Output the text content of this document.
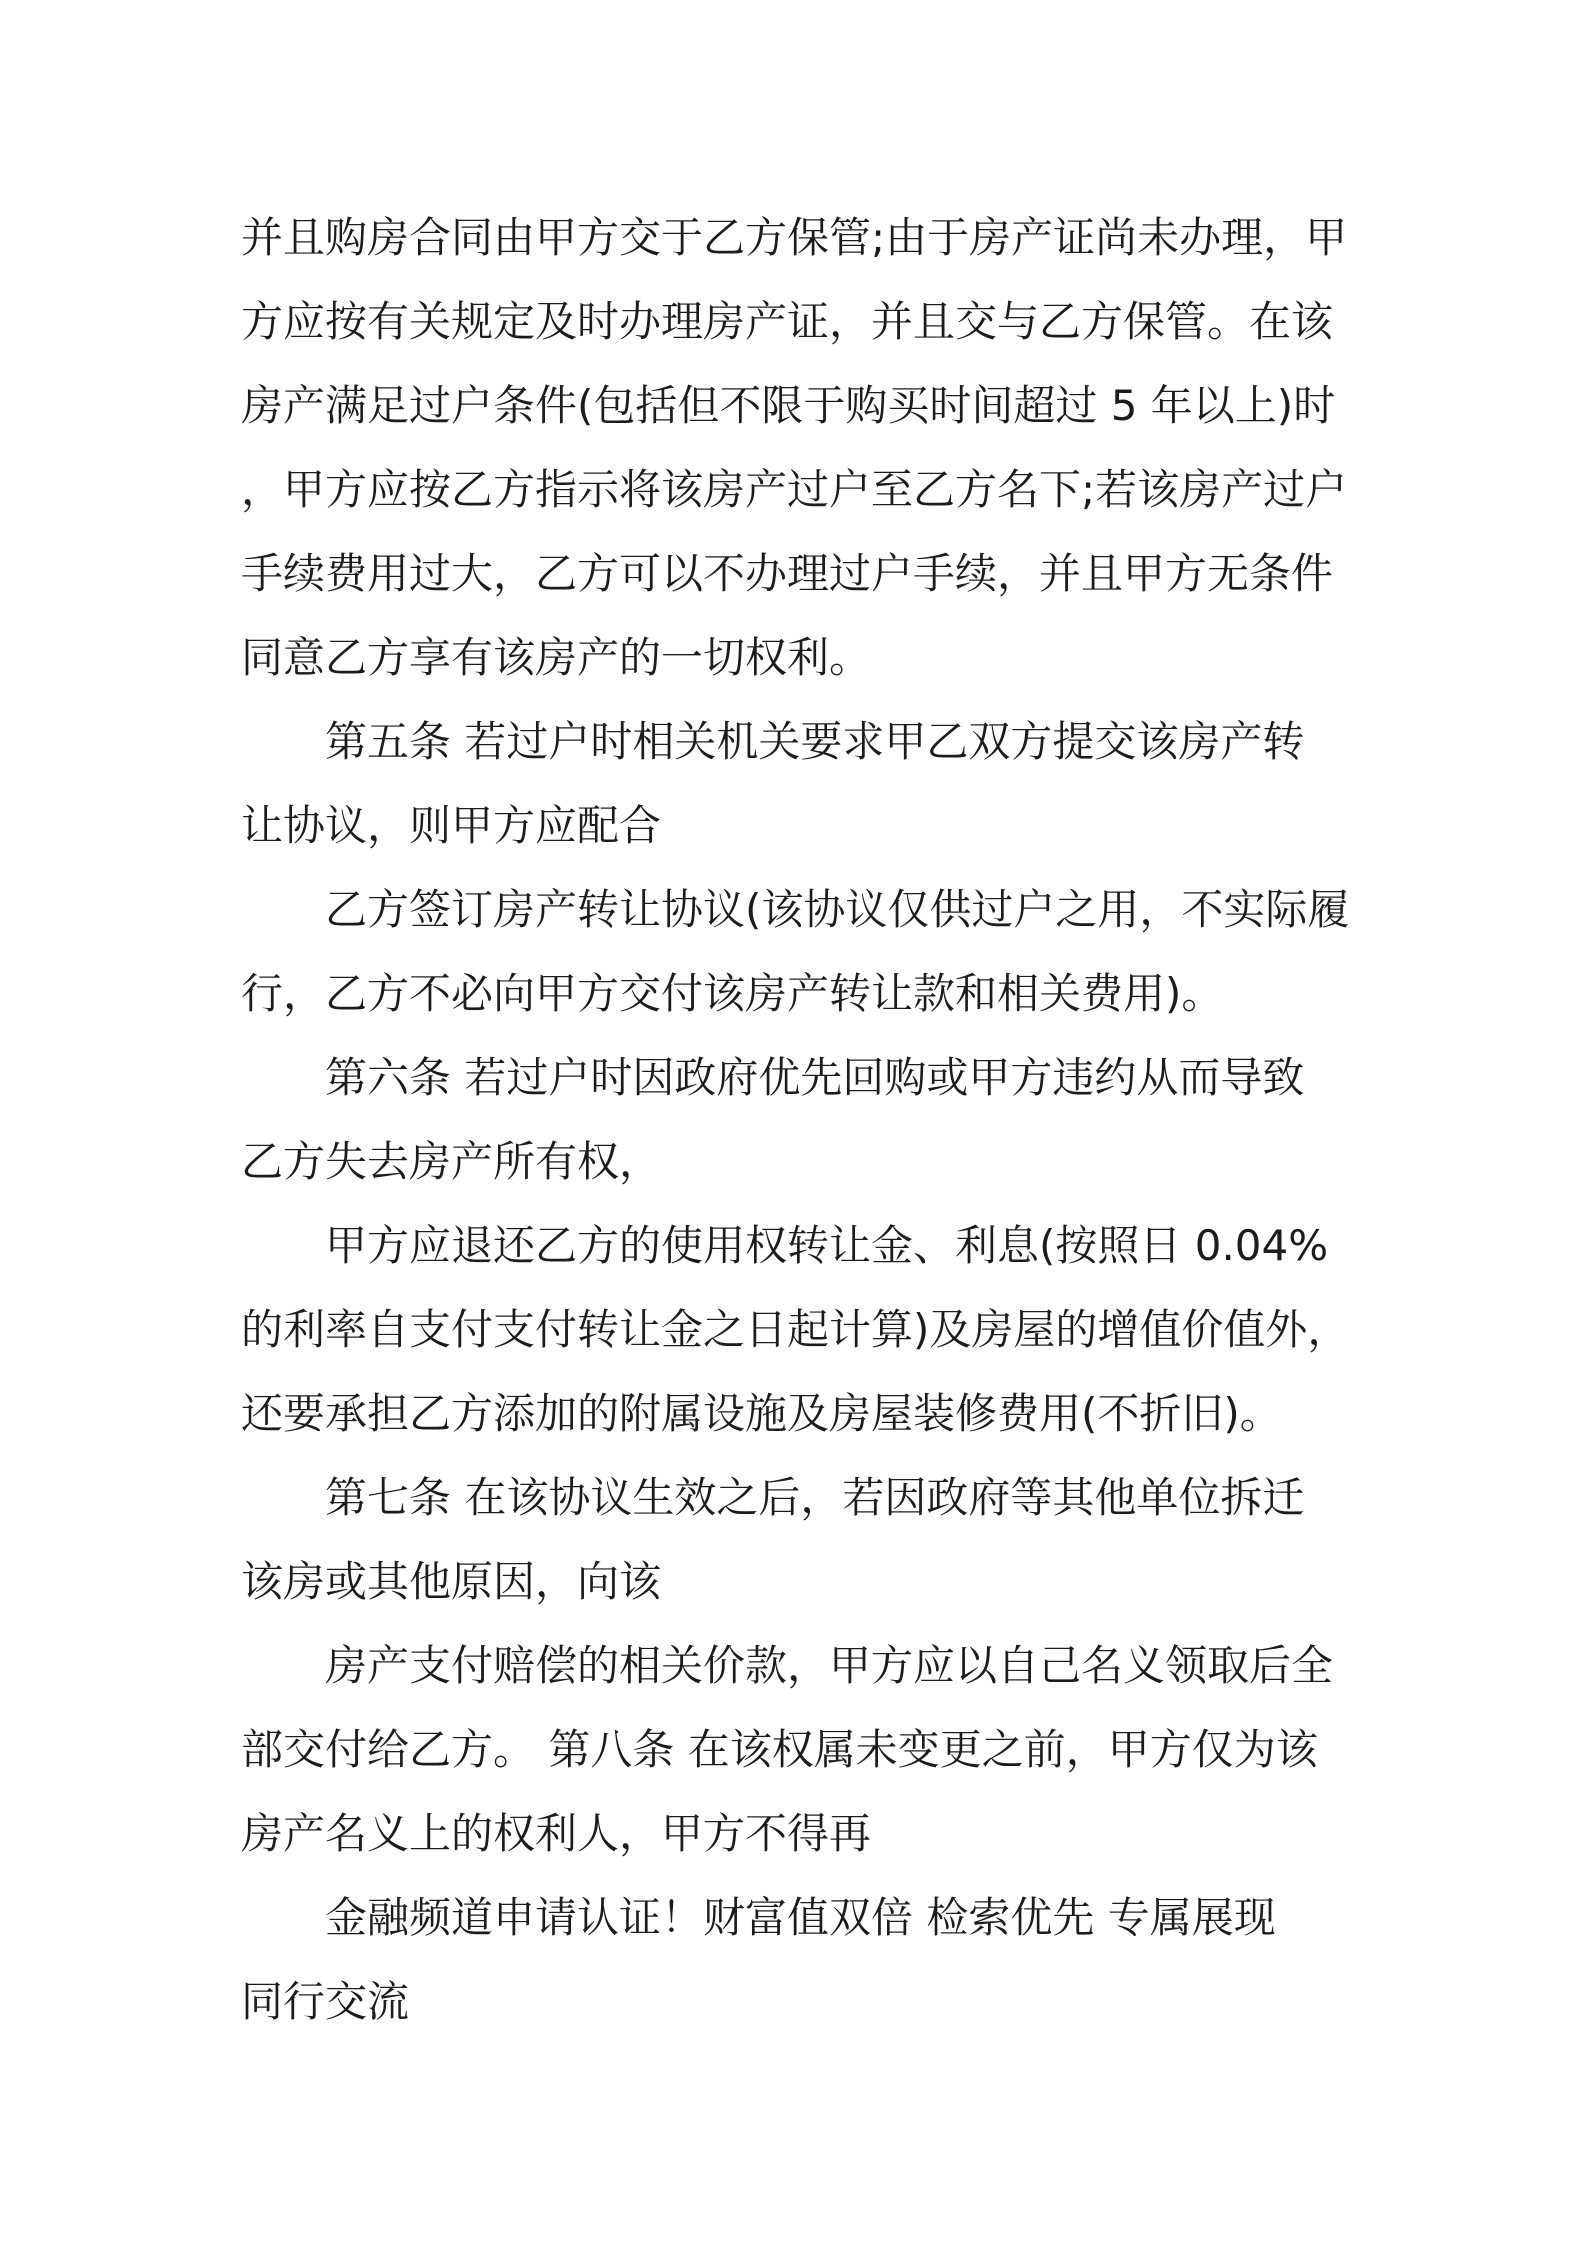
并且购房合同由甲方交于乙方保管;由于房产证尚未办理，甲
方应按有关规定及时办理房产证，并且交与乙方保管。在该
房产满足过户条件(包括但不限于购买时间超过 5 年以上)时
，甲方应按乙方指示将该房产过户至乙方名下;若该房产过户
手续费用过大，乙方可以不办理过户手续，并且甲方无条件
同意乙方享有该房产的一切权利。
第五条 若过户时相关机关要求甲乙双方提交该房产转
让协议，则甲方应配合
乙方签订房产转让协议(该协议仅供过户之用，不实际履
行，乙方不必向甲方交付该房产转让款和相关费用)。
第六条 若过户时因政府优先回购或甲方违约从而导致
乙方失去房产所有权，
甲方应退还乙方的使用权转让金、利息(按照日 0.04%
的利率自支付支付转让金之日起计算)及房屋的增值价值外，
还要承担乙方添加的附属设施及房屋装修费用(不折旧)。
第七条 在该协议生效之后，若因政府等其他单位拆迁
该房或其他原因，向该
房产支付赔偿的相关价款，甲方应以自己名义领取后全
部交付给乙方。 第八条 在该权属未变更之前，甲方仅为该
房产名义上的权利人，甲方不得再
金融频道申请认证！财富值双倍 检索优先 专属展现
同行交流
